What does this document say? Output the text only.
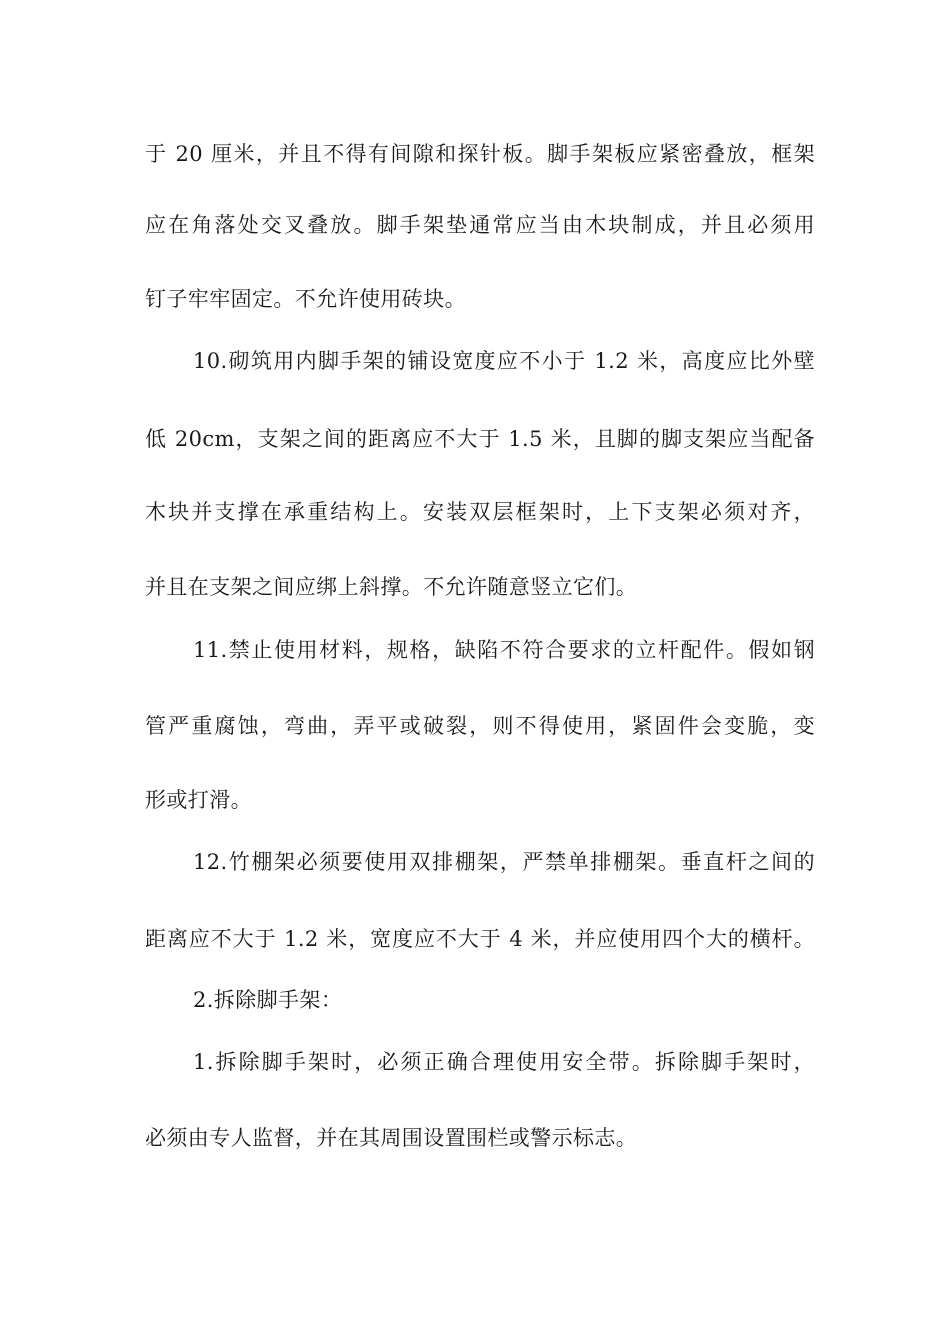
于 20 厘米，并且不得有间隙和探针板。脚手架板应紧密叠放，框架
应在角落处交叉叠放。脚手架垫通常应当由木块制成，并且必须用
钉子牢牢固定。不允许使用砖块。
10.砌筑用内脚手架的铺设宽度应不小于 1.2 米，高度应比外壁
低 20cm，支架之间的距离应不大于 1.5 米，且脚的脚支架应当配备
木块并支撑在承重结构上。安装双层框架时，上下支架必须对齐，
并且在支架之间应绑上斜撑。不允许随意竖立它们。
11.禁止使用材料，规格，缺陷不符合要求的立杆配件。假如钢
管严重腐蚀，弯曲，弄平或破裂，则不得使用，紧固件会变脆，变
形或打滑。
12.竹棚架必须要使用双排棚架，严禁单排棚架。垂直杆之间的
距离应不大于 1.2 米，宽度应不大于 4 米，并应使用四个大的横杆。
2.拆除脚手架：
1.拆除脚手架时，必须正确合理使用安全带。拆除脚手架时，
必须由专人监督，并在其周围设置围栏或警示标志。
